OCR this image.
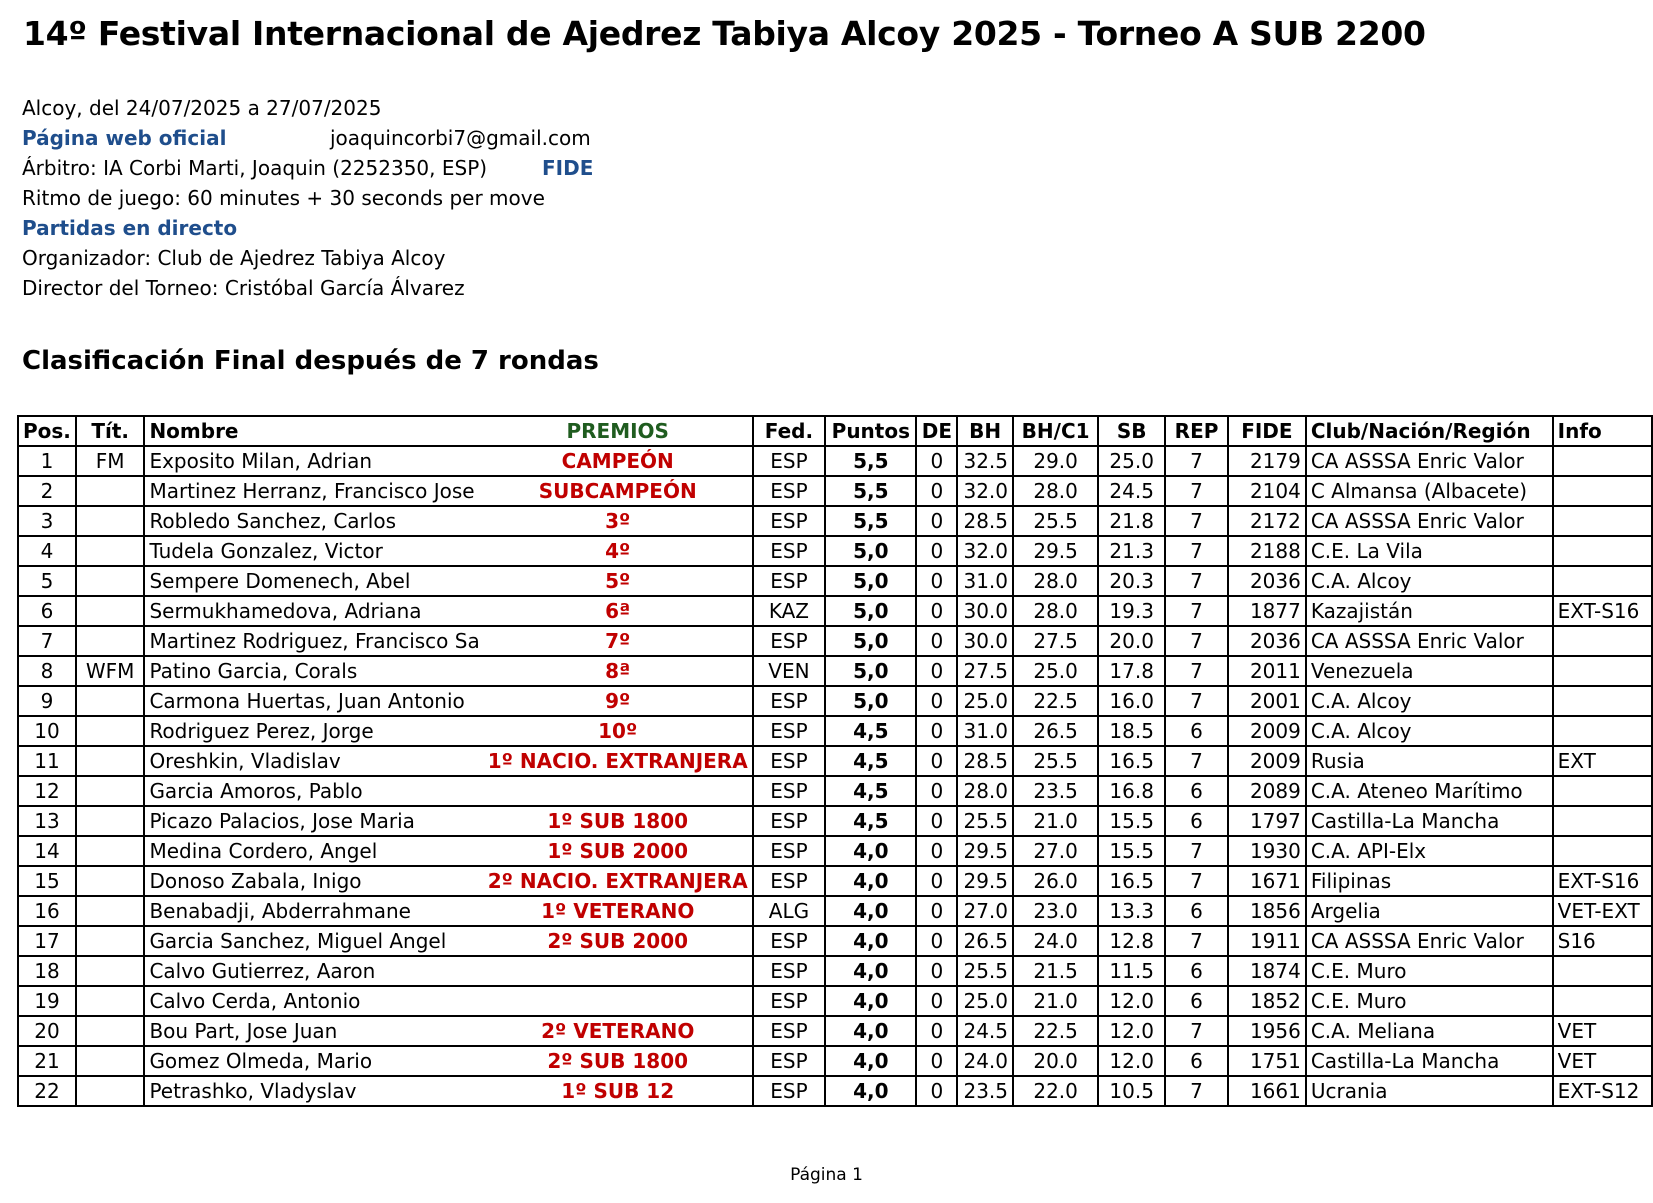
14º Festival Internacional de Ajedrez Tabiya Alcoy 2025 - Torneo A SUB 2200
Alcoy, del 24/07/2025 a 27/07/2025
Página web oficial	joaquincorbi7@gmail.com
Árbitro: IA Corbi Marti, Joaquin (2252350, ESP)	FIDE
Ritmo de juego: 60 minutes + 30 seconds per move
Partidas en directo
Organizador: Club de Ajedrez Tabiya Alcoy
Director del Torneo: Cristóbal García Álvarez
Clasificación Final después de 7 rondas
Pos.	Tít.	Nombre	PREMIOS	Fed.	Puntos	DE	BH	BH/C1	SB	REP	FIDE	Club/Nación/Región	Info
1	FM	Exposito Milan, Adrian	CAMPEÓN	ESP	5,5	0	32.5	29.0	25.0	7	2179	CA ASSSA Enric Valor	
2		Martinez Herranz, Francisco Jose	SUBCAMPEÓN	ESP	5,5	0	32.0	28.0	24.5	7	2104	C Almansa (Albacete)	
3		Robledo Sanchez, Carlos	3º	ESP	5,5	0	28.5	25.5	21.8	7	2172	CA ASSSA Enric Valor	
4		Tudela Gonzalez, Victor	4º	ESP	5,0	0	32.0	29.5	21.3	7	2188	C.E. La Vila	
5		Sempere Domenech, Abel	5º	ESP	5,0	0	31.0	28.0	20.3	7	2036	C.A. Alcoy	
6		Sermukhamedova, Adriana	6ª	KAZ	5,0	0	30.0	28.0	19.3	7	1877	Kazajistán	EXT-S16
7		Martinez Rodriguez, Francisco Sa	7º	ESP	5,0	0	30.0	27.5	20.0	7	2036	CA ASSSA Enric Valor	
8	WFM	Patino Garcia, Corals	8ª	VEN	5,0	0	27.5	25.0	17.8	7	2011	Venezuela	
9		Carmona Huertas, Juan Antonio	9º	ESP	5,0	0	25.0	22.5	16.0	7	2001	C.A. Alcoy	
10		Rodriguez Perez, Jorge	10º	ESP	4,5	0	31.0	26.5	18.5	6	2009	C.A. Alcoy	
11		Oreshkin, Vladislav	1º NACIO. EXTRANJERA	ESP	4,5	0	28.5	25.5	16.5	7	2009	Rusia	EXT
12		Garcia Amoros, Pablo		ESP	4,5	0	28.0	23.5	16.8	6	2089	C.A. Ateneo Marítimo	
13		Picazo Palacios, Jose Maria	1º SUB 1800	ESP	4,5	0	25.5	21.0	15.5	6	1797	Castilla-La Mancha	
14		Medina Cordero, Angel	1º SUB 2000	ESP	4,0	0	29.5	27.0	15.5	7	1930	C.A. API-Elx	
15		Donoso Zabala, Inigo	2º NACIO. EXTRANJERA	ESP	4,0	0	29.5	26.0	16.5	7	1671	Filipinas	EXT-S16
16		Benabadji, Abderrahmane	1º VETERANO	ALG	4,0	0	27.0	23.0	13.3	6	1856	Argelia	VET-EXT
17		Garcia Sanchez, Miguel Angel	2º SUB 2000	ESP	4,0	0	26.5	24.0	12.8	7	1911	CA ASSSA Enric Valor	S16
18		Calvo Gutierrez, Aaron		ESP	4,0	0	25.5	21.5	11.5	6	1874	C.E. Muro	
19		Calvo Cerda, Antonio		ESP	4,0	0	25.0	21.0	12.0	6	1852	C.E. Muro	
20		Bou Part, Jose Juan	2º VETERANO	ESP	4,0	0	24.5	22.5	12.0	7	1956	C.A. Meliana	VET
21		Gomez Olmeda, Mario	2º SUB 1800	ESP	4,0	0	24.0	20.0	12.0	6	1751	Castilla-La Mancha	VET
22		Petrashko, Vladyslav	1º SUB 12	ESP	4,0	0	23.5	22.0	10.5	7	1661	Ucrania	EXT-S12
Página 1
